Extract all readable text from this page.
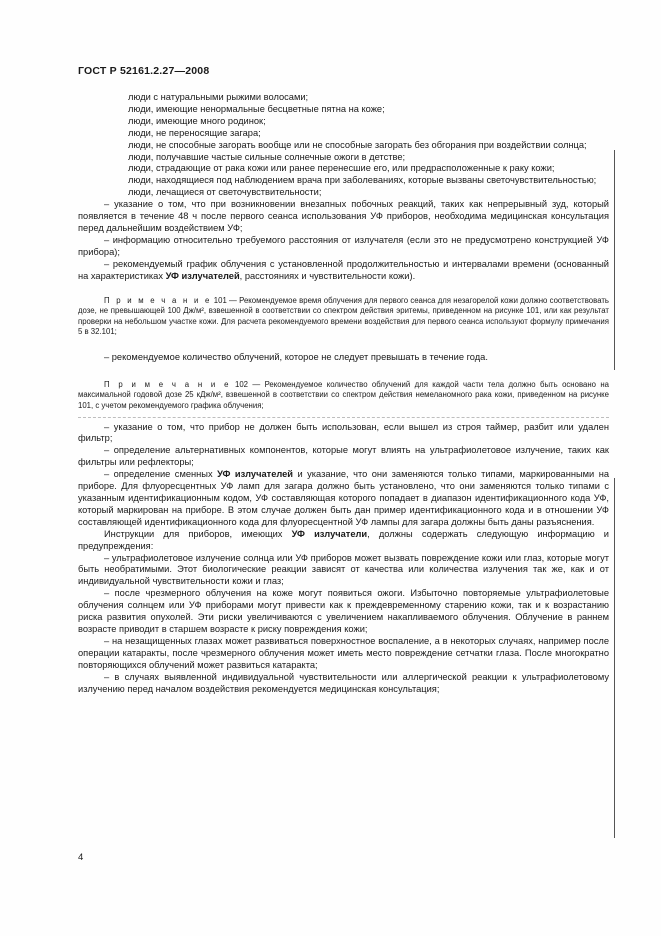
ГОСТ Р 52161.2.27—2008

люди с натуральными рыжими волосами;

люди, имеющие ненормальные бесцветные пятна на коже;

люди, имеющие много родинок;

люди, не переносящие загара;

люди, не способные загорать вообще или не способные загорать без обгорания при воздействии солнца;

люди, получавшие частые сильные солнечные ожоги в детстве;

люди, страдающие от рака кожи или ранее перенесшие его, или предрасположенные к раку кожи;

люди, находящиеся под наблюдением врача при заболеваниях, которые вызваны светочувствительностью;

люди, лечащиеся от светочувствительности;

– указание о том, что при возникновении внезапных побочных реакций, таких как непрерывный зуд, который появляется в течение 48 ч после первого сеанса использования УФ приборов, необходима медицинская консультация перед дальнейшим воздействием УФ;

– информацию относительно требуемого расстояния от излучателя (если это не предусмотрено конструкцией УФ прибора);

– рекомендуемый график облучения с установленной продолжительностью и интервалами времени (основанный на характеристиках УФ излучателей, расстояниях и чувствительности кожи).

П р и м е ч а н и е 101 — Рекомендуемое время облучения для первого сеанса для незагорелой кожи должно соответствовать дозе, не превышающей 100 Дж/м², взвешенной в соответствии со спектром действия эритемы, приведенном на рисунке 101, или как результат проверки на небольшом участке кожи. Для расчета рекомендуемого времени воздействия для первого сеанса используют формулу примечания 5 в 32.101;

– рекомендуемое количество облучений, которое не следует превышать в течение года.

П р и м е ч а н и е 102 — Рекомендуемое количество облучений для каждой части тела должно быть основано на максимальной годовой дозе 25 кДж/м², взвешенной в соответствии со спектром действия немеланомного рака кожи, приведенном на рисунке 101, с учетом рекомендуемого графика облучения;

– указание о том, что прибор не должен быть использован, если вышел из строя таймер, разбит или удален фильтр;

– определение альтернативных компонентов, которые могут влиять на ультрафиолетовое излучение, таких как фильтры или рефлекторы;

– определение сменных УФ излучателей и указание, что они заменяются только типами, маркированными на приборе. Для флуоресцентных УФ ламп для загара должно быть установлено, что они заменяются только типами с указанным идентификационным кодом, УФ составляющая которого попадает в диапазон идентификационного кода УФ, который маркирован на приборе. В этом случае должен быть дан пример идентификационного кода и в отношении УФ составляющей идентификационного кода для флуоресцентной УФ лампы для загара должны быть даны разъяснения.

Инструкции для приборов, имеющих УФ излучатели, должны содержать следующую информацию и предупреждения:

– ультрафиолетовое излучение солнца или УФ приборов может вызвать повреждение кожи или глаз, которые могут быть необратимыми. Этот биологические реакции зависят от качества или количества излучения так же, как и от индивидуальной чувствительности кожи и глаз;

– после чрезмерного облучения на коже могут появиться ожоги. Избыточно повторяемые ультрафиолетовые облучения солнцем или УФ приборами могут привести как к преждевременному старению кожи, так и к возрастанию риска развития опухолей. Эти риски увеличиваются с увеличением накапливаемого облучения. Облучение в раннем возрасте приводит в старшем возрасте к риску повреждения кожи;

– на незащищенных глазах может развиваться поверхностное воспаление, а в некоторых случаях, например после операции катаракты, после чрезмерного облучения может иметь место повреждение сетчатки глаза. После многократно повторяющихся облучений может развиться катаракта;

– в случаях выявленной индивидуальной чувствительности или аллергической реакции к ультрафиолетовому излучению перед началом воздействия рекомендуется медицинская консультация;

4
